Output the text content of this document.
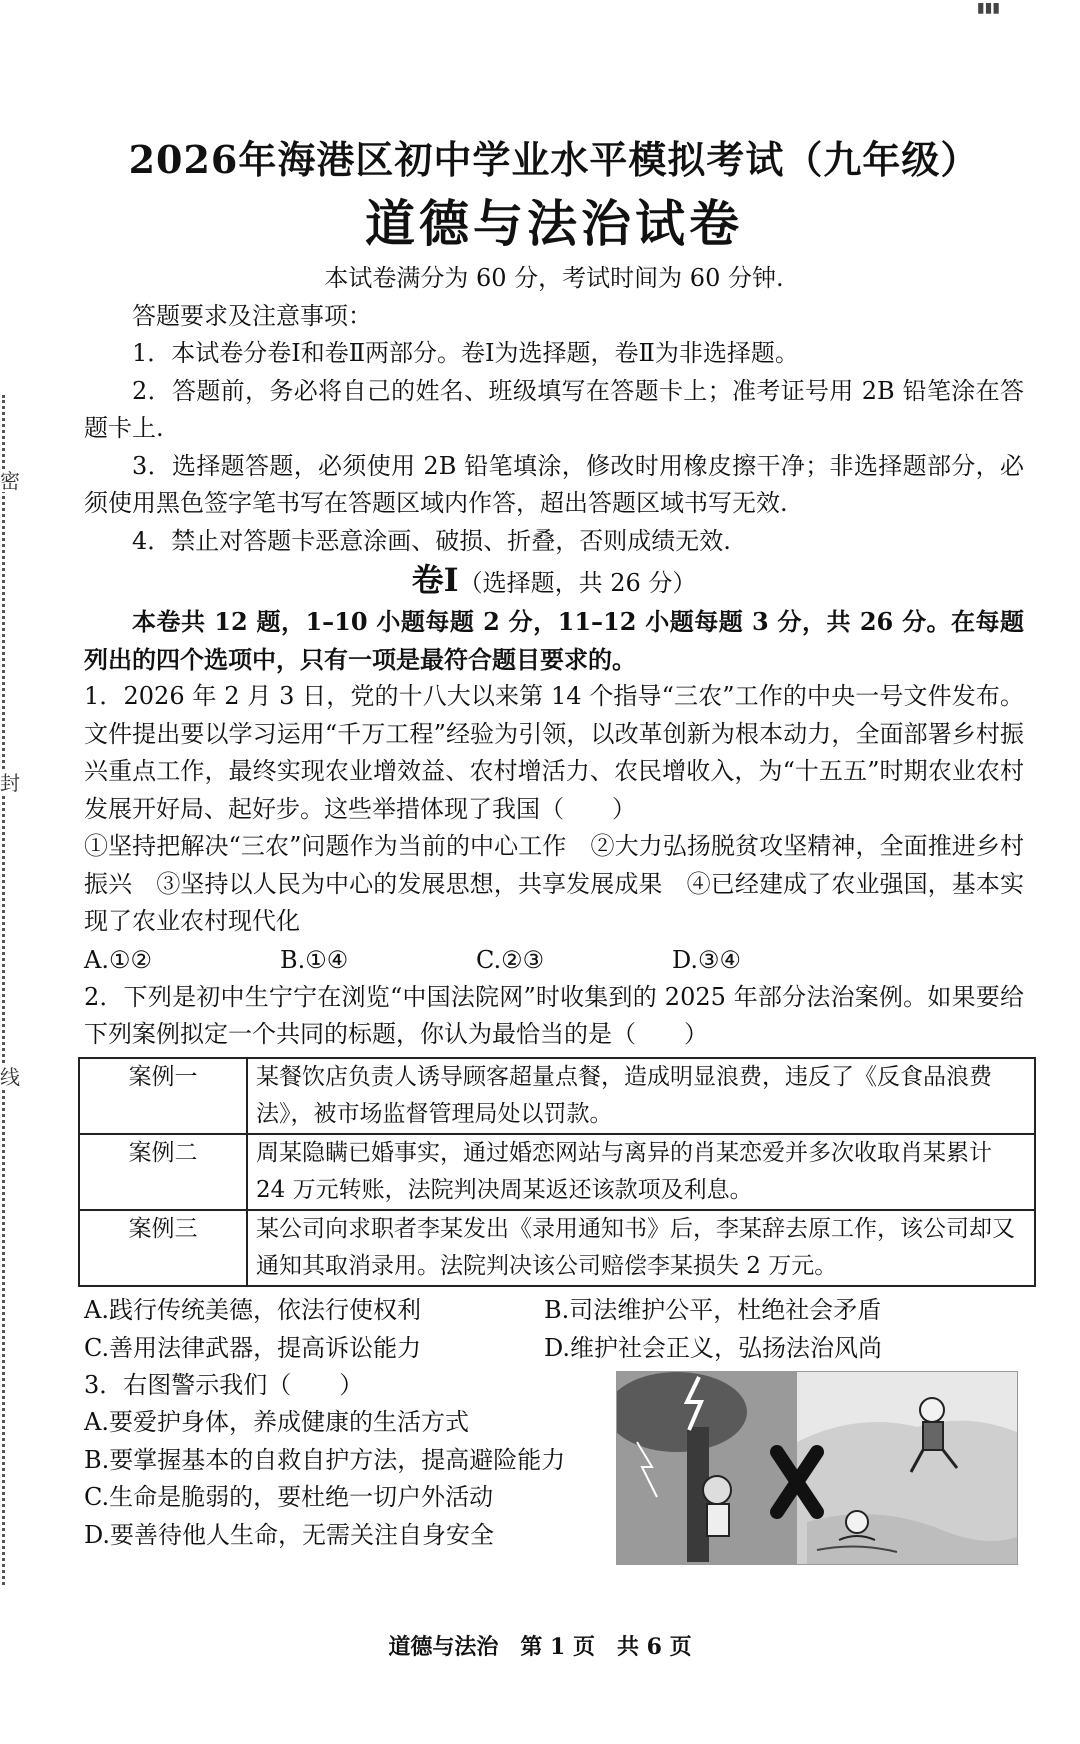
▮▮▮
密
封
线
2026年海港区初中学业水平模拟考试（九年级）
道德与法治试卷

本试卷满分为 60 分，考试时间为 60 分钟.

答题要求及注意事项：

1．本试卷分卷Ⅰ和卷Ⅱ两部分。卷Ⅰ为选择题，卷Ⅱ为非选择题。

2．答题前，务必将自己的姓名、班级填写在答题卡上；准考证号用 2B 铅笔涂在答题卡上.

3．选择题答题，必须使用 2B 铅笔填涂，修改时用橡皮擦干净；非选择题部分，必须使用黑色签字笔书写在答题区域内作答，超出答题区域书写无效.

4．禁止对答题卡恶意涂画、破损、折叠，否则成绩无效.

卷Ⅰ（选择题，共 26 分）

本卷共 12 题，1–10 小题每题 2 分，11–12 小题每题 3 分，共 26 分。在每题列出的四个选项中，只有一项是最符合题目要求的。

1．2026 年 2 月 3 日，党的十八大以来第 14 个指导“三农”工作的中央一号文件发布。文件提出要以学习运用“千万工程”经验为引领，以改革创新为根本动力，全面部署乡村振兴重点工作，最终实现农业增效益、农村增活力、农民增收入，为“十五五”时期农业农村发展开好局、起好步。这些举措体现了我国（　　）

①坚持把解决“三农”问题作为当前的中心工作　②大力弘扬脱贫攻坚精神，全面推进乡村振兴　③坚持以人民为中心的发展思想，共享发展成果　④已经建成了农业强国，基本实现了农业农村现代化

A.①②	B.①④	C.②③	D.③④

2．下列是初中生宁宁在浏览“中国法院网”时收集到的 2025 年部分法治案例。如果要给下列案例拟定一个共同的标题，你认为最恰当的是（　　）

案例一	某餐饮店负责人诱导顾客超量点餐，造成明显浪费，违反了《反食品浪费法》，被市场监督管理局处以罚款。
案例二	周某隐瞒已婚事实，通过婚恋网站与离异的肖某恋爱并多次收取肖某累计 24 万元转账，法院判决周某返还该款项及利息。
案例三	某公司向求职者李某发出《录用通知书》后，李某辞去原工作，该公司却又通知其取消录用。法院判决该公司赔偿李某损失 2 万元。
A.践行传统美德，依法行使权利	B.司法维护公平，杜绝社会矛盾
C.善用法律武器，提高诉讼能力	D.维护社会正义，弘扬法治风尚

3．右图警示我们（　　）

A.要爱护身体，养成健康的生活方式

B.要掌握基本的自救自护方法，提高避险能力

C.生命是脆弱的，要杜绝一切户外活动

D.要善待他人生命，无需关注自身安全

道德与法治　第 1 页　共 6 页
